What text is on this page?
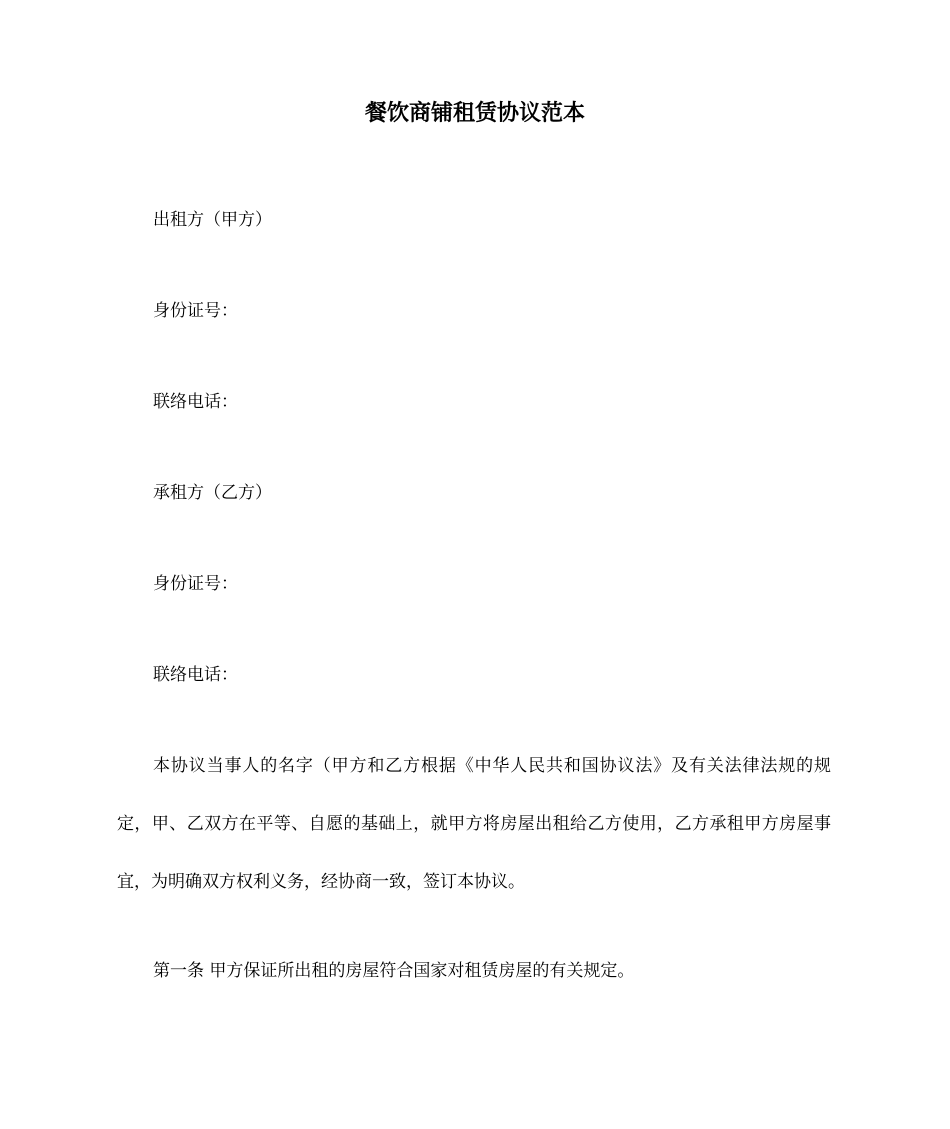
餐饮商铺租赁协议范本
出租方（甲方）
身份证号：
联络电话：
承租方（乙方）
身份证号：
联络电话：

本协议当事人的名字（甲方和乙方根据《中华人民共和国协议法》及有关法律法规的规定，甲、乙双方在平等、自愿的基础上，就甲方将房屋出租给乙方使用，乙方承租甲方房屋事宜，为明确双方权利义务，经协商一致，签订本协议。

第一条 甲方保证所出租的房屋符合国家对租赁房屋的有关规定。
